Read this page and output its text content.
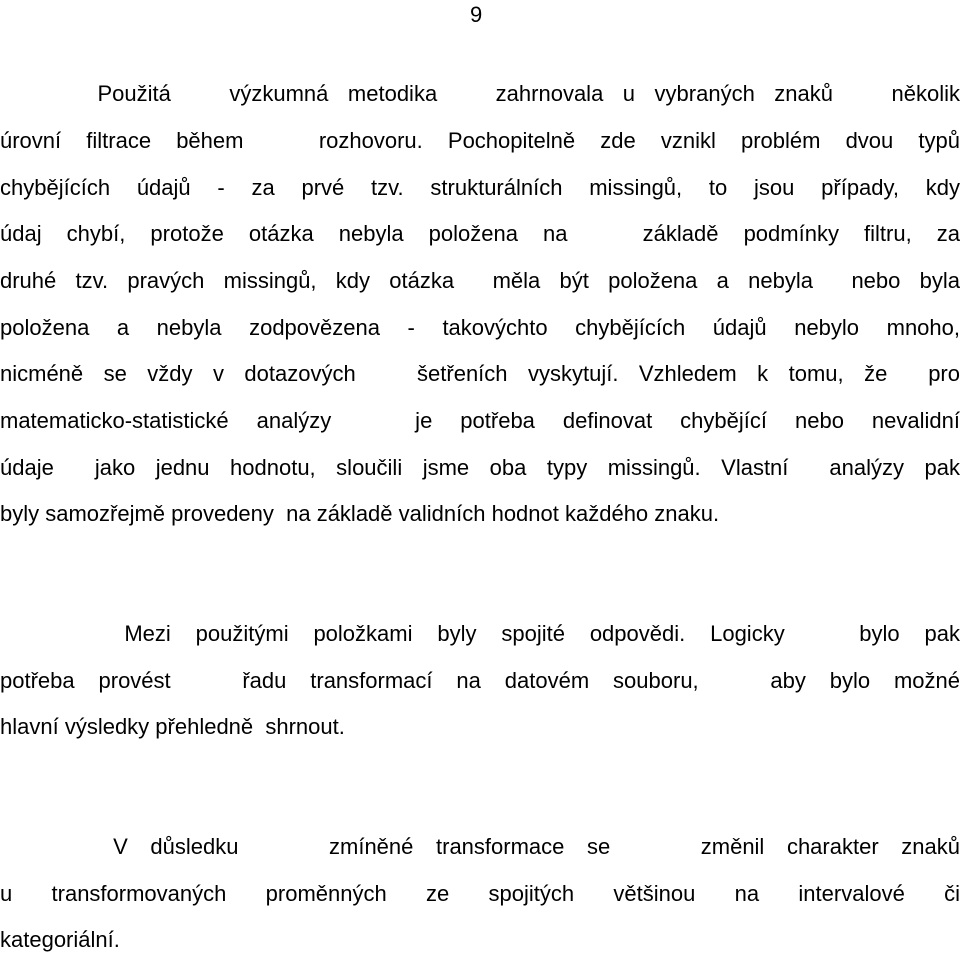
9
Použitá   výzkumná metodika   zahrnovala u vybraných znaků   několik
úrovní filtrace během   rozhovoru. Pochopitelně zde vznikl problém dvou typů
chybějících údajů - za prvé tzv. strukturálních missingů, to jsou případy, kdy
údaj chybí, protože otázka nebyla položena na   základě podmínky filtru, za
druhé tzv. pravých missingů, kdy otázka  měla být položena a nebyla  nebo byla
položena a nebyla zodpovězena - takovýchto chybějících údajů nebylo mnoho,
nicméně se vždy v dotazových   šetřeních vyskytují. Vzhledem k tomu, že  pro
matematicko-statistické analýzy   je potřeba definovat chybějící nebo nevalidní
údaje  jako jednu hodnotu, sloučili jsme oba typy missingů. Vlastní  analýzy pak
byly samozřejmě provedeny  na základě validních hodnot každého znaku.
Mezi použitými položkami byly spojité odpovědi. Logicky   bylo pak
potřeba provést   řadu transformací na datovém souboru,   aby bylo možné
hlavní výsledky přehledně  shrnout.
V důsledku    zmíněné transformace se    změnil charakter znaků
u transformovaných proměnných ze spojitých většinou na intervalové či
kategoriální.
